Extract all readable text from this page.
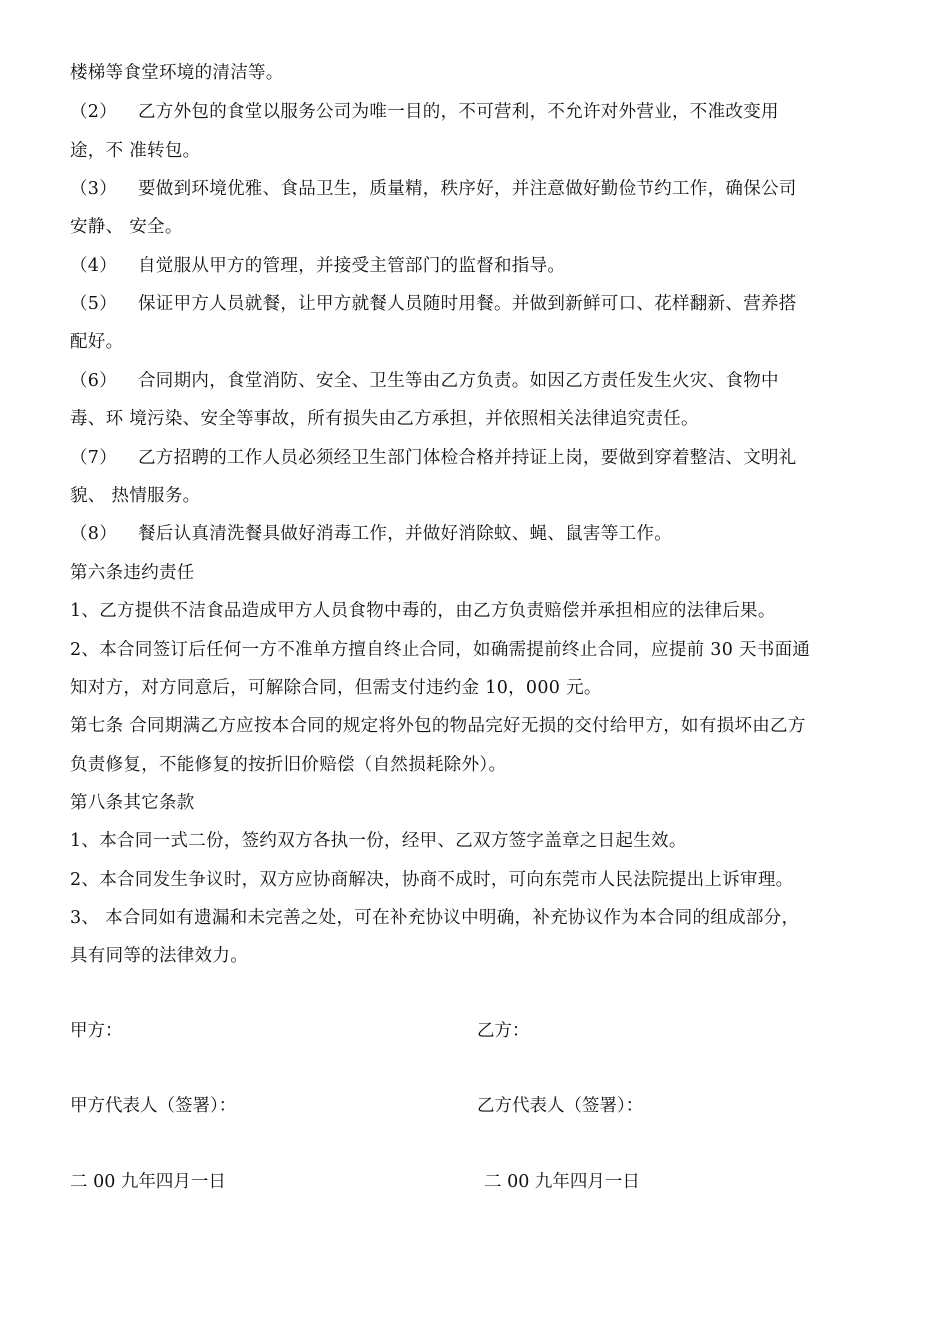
楼梯等食堂环境的清洁等。
（2） 乙方外包的食堂以服务公司为唯一目的，不可营利，不允许对外营业，不准改变用
途，不 准转包。
（3） 要做到环境优雅、食品卫生，质量精，秩序好，并注意做好勤俭节约工作，确保公司
安静、 安全。
（4） 自觉服从甲方的管理，并接受主管部门的监督和指导。
（5） 保证甲方人员就餐，让甲方就餐人员随时用餐。并做到新鲜可口、花样翻新、营养搭
配好。
（6） 合同期内，食堂消防、安全、卫生等由乙方负责。如因乙方责任发生火灾、食物中
毒、环 境污染、安全等事故，所有损失由乙方承担，并依照相关法律追究责任。
（7） 乙方招聘的工作人员必须经卫生部门体检合格并持证上岗，要做到穿着整洁、文明礼
貌、 热情服务。
（8） 餐后认真清洗餐具做好消毒工作，并做好消除蚊、蝇、鼠害等工作。
第六条违约责任
1、乙方提供不洁食品造成甲方人员食物中毒的，由乙方负责赔偿并承担相应的法律后果。
2、本合同签订后任何一方不准单方擅自终止合同，如确需提前终止合同，应提前 30 天书面通
知对方，对方同意后，可解除合同，但需支付违约金 10，000 元。
第七条 合同期满乙方应按本合同的规定将外包的物品完好无损的交付给甲方，如有损坏由乙方
负责修复，不能修复的按折旧价赔偿（自然损耗除外）。
第八条其它条款
1、本合同一式二份，签约双方各执一份，经甲、乙双方签字盖章之日起生效。
2、本合同发生争议时，双方应协商解决，协商不成时，可向东莞市人民法院提出上诉审理。
3、 本合同如有遗漏和未完善之处，可在补充协议中明确，补充协议作为本合同的组成部分，
具有同等的法律效力。
甲方：	乙方：
甲方代表人（签署）：	乙方代表人（签署）：
二 00 九年四月一日	二 00 九年四月一日
